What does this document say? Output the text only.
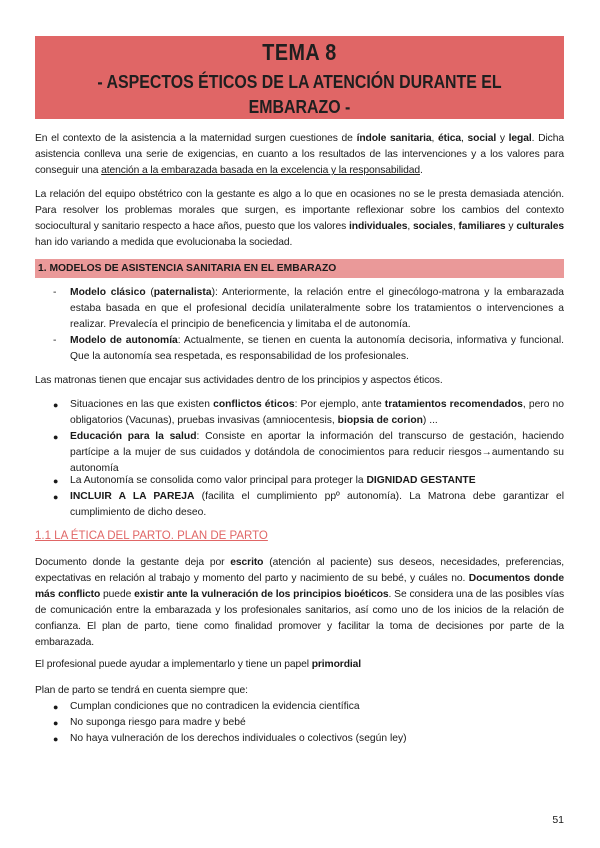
TEMA 8
- ASPECTOS ÉTICOS DE LA ATENCIÓN DURANTE EL
EMBARAZO -
En el contexto de la asistencia a la maternidad surgen cuestiones de índole sanitaria, ética, social y legal. Dicha asistencia conlleva una serie de exigencias, en cuanto a los resultados de las intervenciones y a los valores para conseguir una atención a la embarazada basada en la excelencia y la responsabilidad.
La relación del equipo obstétrico con la gestante es algo a lo que en ocasiones no se le presta demasiada atención. Para resolver los problemas morales que surgen, es importante reflexionar sobre los cambios del contexto sociocultural y sanitario respecto a hace años, puesto que los valores individuales, sociales, familiares y culturales han ido variando a medida que evolucionaba la sociedad.
1. MODELOS DE ASISTENCIA SANITARIA EN EL EMBARAZO
- Modelo clásico (paternalista): Anteriormente, la relación entre el ginecólogo-matrona y la embarazada estaba basada en que el profesional decidía unilateralmente sobre los tratamientos o intervenciones a realizar. Prevalecía el principio de beneficencia y limitaba el de autonomía.
- Modelo de autonomía: Actualmente, se tienen en cuenta la autonomía decisoria, informativa y funcional. Que la autonomía sea respetada, es responsabilidad de los profesionales.
Las matronas tienen que encajar sus actividades dentro de los principios y aspectos éticos.
● Situaciones en las que existen conflictos éticos: Por ejemplo, ante tratamientos recomendados, pero no obligatorios (Vacunas), pruebas invasivas (amniocentesis, biopsia de corion) ...
● Educación para la salud: Consiste en aportar la información del transcurso de gestación, haciendo partícipe a la mujer de sus cuidados y dotándola de conocimientos para reducir riesgos→aumentando su autonomía
● La Autonomía se consolida como valor principal para proteger la DIGNIDAD GESTANTE
● INCLUIR A LA PAREJA (facilita el cumplimiento ppº autonomía). La Matrona debe garantizar el cumplimiento de dicho deseo.
1.1 LA ÉTICA DEL PARTO. PLAN DE PARTO
Documento donde la gestante deja por escrito (atención al paciente) sus deseos, necesidades, preferencias, expectativas en relación al trabajo y momento del parto y nacimiento de su bebé, y cuáles no. Documentos donde más conflicto puede existir ante la vulneración de los principios bioéticos. Se considera una de las posibles vías de comunicación entre la embarazada y los profesionales sanitarios, así como uno de los inicios de la relación de confianza. El plan de parto, tiene como finalidad promover y facilitar la toma de decisiones por parte de la embarazada.
El profesional puede ayudar a implementarlo y tiene un papel primordial
Plan de parto se tendrá en cuenta siempre que:
● Cumplan condiciones que no contradicen la evidencia científica
● No suponga riesgo para madre y bebé
● No haya vulneración de los derechos individuales o colectivos (según ley)
51
